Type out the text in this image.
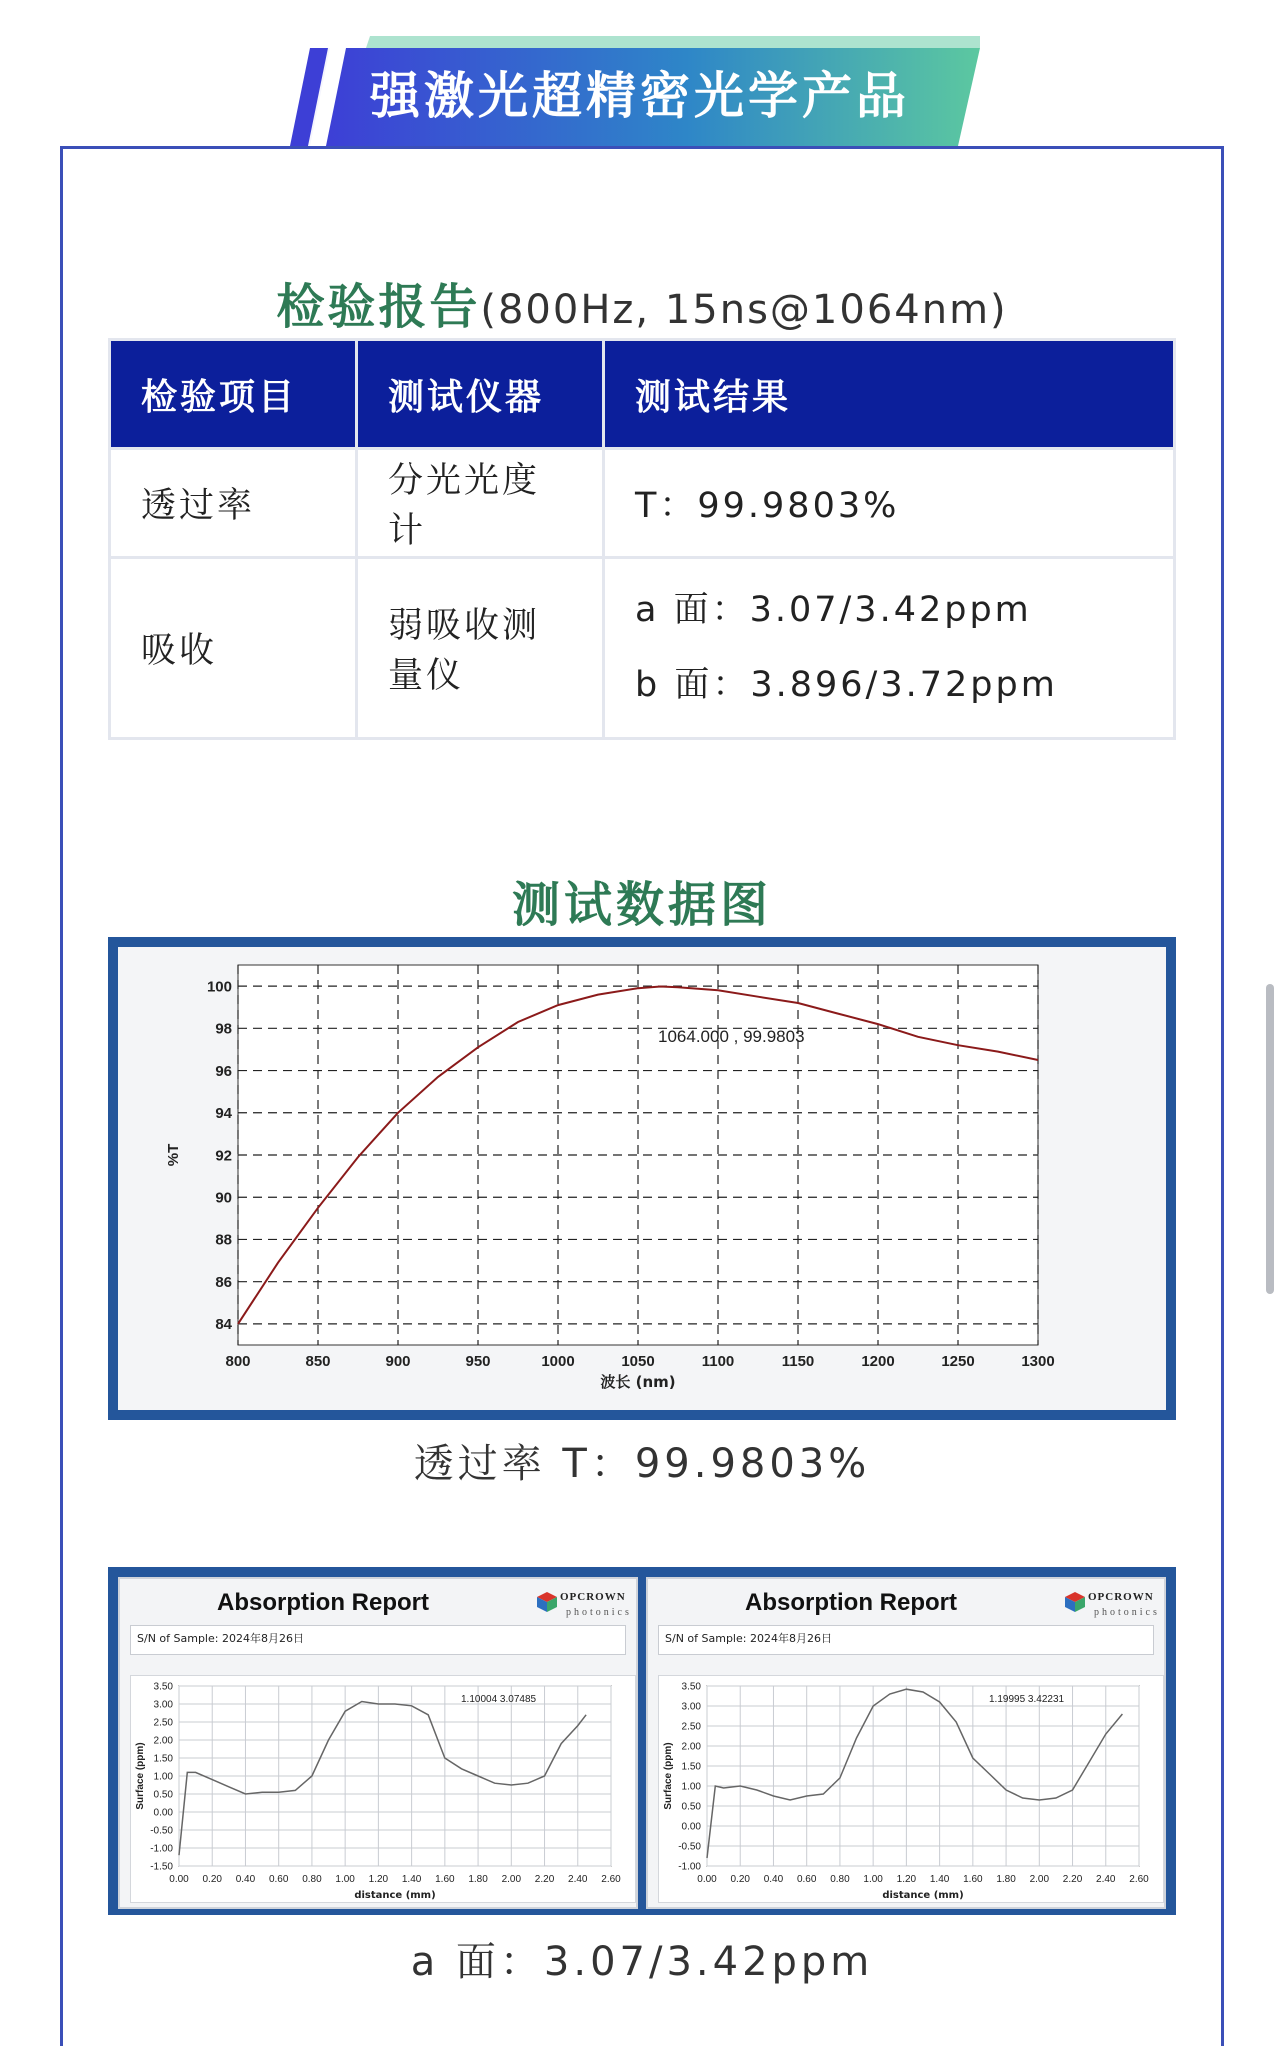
强激光超精密光学产品
检验报告(800Hz, 15ns@1064nm)
检验项目	测试仪器	测试结果
透过率	分光光度计	T：99.9803%
吸收	弱吸收测量仪	a 面：3.07/3.42ppm
b 面：3.896/3.72ppm
测试数据图
800	850	900	950	1000	1050	1100	1150	1200	1250	1300
84
86
88
90
92
94
96
98
100
波长 (nm)
%T
1064.000 , 99.9803
透过率 T：99.9803%
Absorption Report	OPCROWN
photonics
S/N of Sample: 2024年8月26日
0.00 0.20 0.40 0.60 0.80 1.00 1.20 1.40 1.60 1.80 2.00 2.20 2.40 2.60
3.50
3.00
2.50
2.00
1.50
1.00
0.50
0.00
-0.50
-1.00
-1.50
distance (mm)
Surface (ppm)
1.10004 3.07485
Absorption Report	OPCROWN
photonics
S/N of Sample: 2024年8月26日
0.00 0.20 0.40 0.60 0.80 1.00 1.20 1.40 1.60 1.80 2.00 2.20 2.40 2.60
3.50
3.00
2.50
2.00
1.50
1.00
0.50
0.00
-0.50
-1.00
distance (mm)
Surface (ppm)
1.19995 3.42231
a 面：3.07/3.42ppm
